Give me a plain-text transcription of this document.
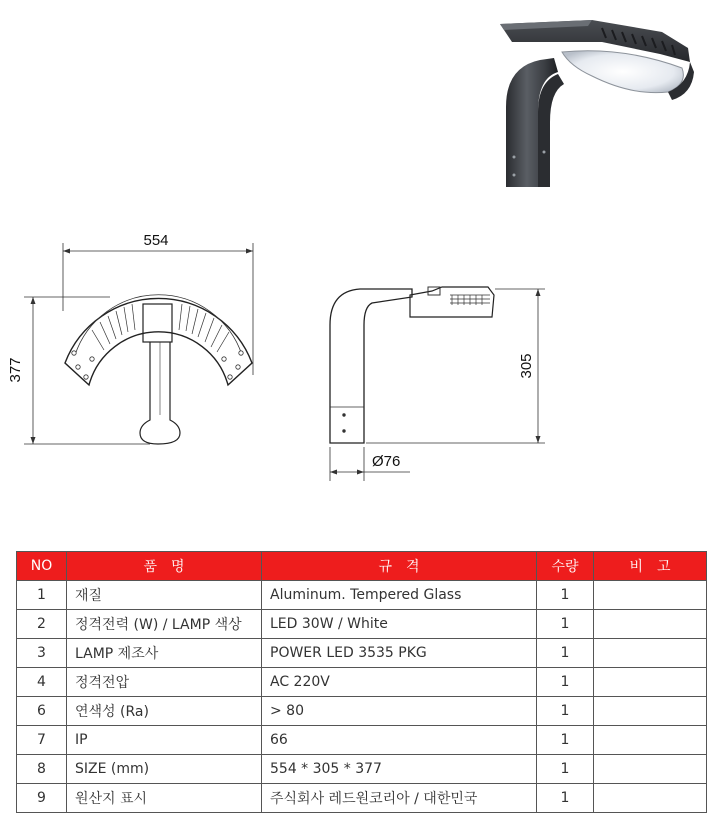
554
377	305
Ø76
NO	품　명	규　격	수량	비　고
1	재질	Aluminum. Tempered Glass	1	
2	정격전력 (W) / LAMP 색상	LED 30W / White	1	
3	LAMP 제조사	POWER LED 3535 PKG	1	
4	정격전압	AC 220V	1	
6	연색성 (Ra)	> 80	1	
7	IP	66	1	
8	SIZE (mm)	554 * 305 * 377	1	
9	원산지 표시	주식회사 레드원코리아 / 대한민국	1	
